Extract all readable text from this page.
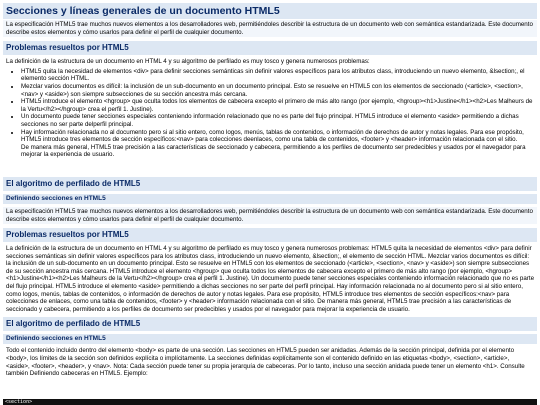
Secciones y líneas generales de un documento HTML5
La especificación HTML5 trae muchos nuevos elementos a los desarrolladores web, permitiéndoles describir la estructura de un documento web con semántica estandarizada. Este documento describe estos elementos y cómo usarlos para definir el perfil de cualquier documento.
Problemas resueltos por HTML5

La definición de la estructura de un documento en HTML 4 y su algoritmo de perfilado es muy tosco y genera numerosos problemas:

• HTML5 quita la necesidad de elementos <div> para definir secciones semánticas sin definir valores específicos para los atributos class, introduciendo un nuevo elemento, &lsection;, el elemento sección HTML.
• Mezclar varios documentos es difícil: la inclusión de un sub-documento en un documento principal. Esto se resuelve en HTML5 con los elementos de seccionado (<article>, <section>, <nav> y <aside>) son siempre subsecciones de su sección ancestra más cercana.
• HTML5 introduce el elemento <hgroup> que oculta todos los elementos de cabecera excepto el primero de más alto rango (por ejemplo, <hgroup><h1>Justine</h1><h2>Les Malheurs de la Vertu</h2></hgroup> crea el perfil 1. Justine).
• Un documento puede tener secciones especiales conteniendo información relacionado que no es parte del flujo principal. HTML5 introduce el elemento <aside> permitiendo a dichas secciones no ser parte delperfil principal.
• Hay información relacionada no al documento pero si al sitio entero, como logos, menús, tablas de contenidos, o información de derechos de autor y notas legales. Para ese propósito, HTML5 introduce tres elementos de sección específicos:<nav> para colecciones deenlaces, como una tabla de contenidos, <footer> y <header> información relacionada con el sitio.
De manera más general, HTML5 trae precisión a las características de seccionado y cabecera, permitiendo a los perfiles de documento ser predecibles y usados por el navegador para mejorar la experiencia de usuario.
El algoritmo de perfilado de HTML5
Definiendo secciones en HTML5
La especificación HTML5 trae muchos nuevos elementos a los desarrolladores web, permitiéndoles describir la estructura de un documento web con semántica estandarizada. Este documento describe estos elementos y cómo usarlos para definir el perfil de cualquier documento.
Problemas resueltos por HTML5

La definición de la estructura de un documento en HTML 4 y su algoritmo de perfilado es muy tosco y genera numerosos problemas: HTML5 quita la necesidad de elementos <div> para definir secciones semánticas sin definir valores específicos para los atributos class, introduciendo un nuevo elemento, &lsection;, el elemento de sección HTML. Mezclar varios documentos es difícil: la inclusión de un sub-documento en un documento principal. Esto se resuelve en HTML5 con los elementos de seccionado (<article>, <section>, <nav> y <aside>) son siempre subsecciones de su sección ancestra más cercana. HTML5 introduce el elemento <hgroup> que oculta todos los elementos de cabecera excepto el primero de más alto rango (por ejemplo, <hgroup><h1>Justine</h1><h2>Les Malheurs de la Vertu</h2></hgroup> crea el perfil 1. Justine). Un documento puede tener secciones especiales conteniendo información relacionado que no es parte del flujo principal. HTML5 introduce el elemento <aside> permitiendo a dichas secciones no ser parte del perfil principal. Hay información relacionada no al documento pero si al sitio entero, como logos, menús, tablas de contenidos, o información de derechos de autor y notas legales. Para ese propósito, HTML5 introduce tres elementos de sección específicos:<nav> para colecciones de enlaces, como una tabla de contenidos, <footer> y <header> información relacionada con el sitio. De manera más general, HTML5 trae precisión a las características de seccionado y cabecera, permitiendo a los perfiles de documento ser predecibles y usados por el navegador para mejorar la experiencia de usuario.

El algoritmo de perfilado de HTML5
Definiendo secciones en HTML5

Todo el contenido incluido dentro del elemento <body> es parte de una sección. Las secciones en HTML5 pueden ser anidadas. Además de la sección principal, definida por el elemento <body>, los límites de la sección son definidos explícita o implícitamente. La secciones definidas explícitamente son el contenido definido en las etiquetas <body>, <section>, <article>, <aside>, <footer>, <header>, y <nav>. Nota: Cada sección puede tener su propia jerarquía de cabeceras. Por lo tanto, incluso una sección anidada puede tener un elemento <h1>. Consulte también Definiendo cabeceras en HTML5. Ejemplo:

<section>
